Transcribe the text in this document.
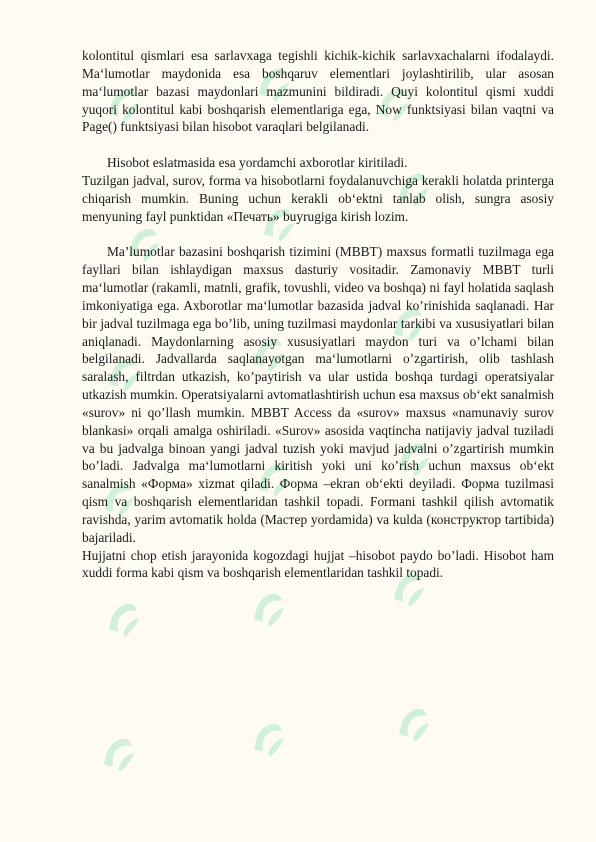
kolontitul qismlari esa sarlavxaga tegishli kichik-kichik sarlavxachalarni ifodalaydi. Ma‘lumotlar maydonida esa boshqaruv elementlari joylashtirilib, ular asosan ma‘lumotlar bazasi maydonlari mazmunini bildiradi. Quyi kolontitul qismi xuddi yuqori kolontitul kabi boshqarish elementlariga ega, Now funktsiyasi bilan vaqtni va Page() funktsiyasi bilan hisobot varaqlari belgilanadi.

Hisobot eslatmasida esa yordamchi axborotlar kiritiladi.

Tuzilgan jadval, surov, forma va hisobotlarni foydalanuvchiga kerakli holatda printerga chiqarish mumkin. Buning uchun kerakli ob‘ektni tanlab olish, sungra asosiy menyuning fayl punktidan «Печать» buyrugiga kirish lozim.

Ma’lumotlar bazasini boshqarish tizimini (MBBT) maxsus formatli tuzilmaga ega fayllari bilan ishlaydigan maxsus dasturiy vositadir. Zamonaviy MBBT turli ma‘lumotlar (rakamli, matnli, grafik, tovushli, video va boshqa) ni fayl holatida saqlash imkoniyatiga ega. Axborotlar ma‘lumotlar bazasida jadval ko’rinishida saqlanadi. Har bir jadval tuzilmaga ega bo’lib, uning tuzilmasi maydonlar tarkibi va xususiyatlari bilan aniqlanadi. Maydonlarning asosiy xususiyatlari maydon turi va o’lchami bilan belgilanadi. Jadvallarda saqlanayotgan ma‘lumotlarni o’zgartirish, olib tashlash saralash, filtrdan utkazish, ko’paytirish va ular ustida boshqa turdagi operatsiyalar utkazish mumkin. Operatsiyalarni avtomatlashtirish uchun esa maxsus ob‘ekt sanalmish «surov» ni qo’llash mumkin. MBBT Access da «surov» maxsus «namunaviy surov blankasi» orqali amalga oshiriladi. «Surov» asosida vaqtincha natijaviy jadval tuziladi va bu jadvalga binoan yangi jadval tuzish yoki mavjud jadvalni o’zgartirish mumkin bo’ladi. Jadvalga ma‘lumotlarni kiritish yoki uni ko’rish uchun maxsus ob‘ekt sanalmish «Форма» xizmat qiladi. Форма –ekran ob‘ekti deyiladi. Форма tuzilmasi qism va boshqarish elementlaridan tashkil topadi. Formani tashkil qilish avtomatik ravishda, yarim avtomatik holda (Мастер yordamida) va kulda (конструктор tartibida) bajariladi.

Hujjatni chop etish jarayonida kogozdagi hujjat –hisobot paydo bo’ladi. Hisobot ham xuddi forma kabi qism va boshqarish elementlaridan tashkil topadi.
